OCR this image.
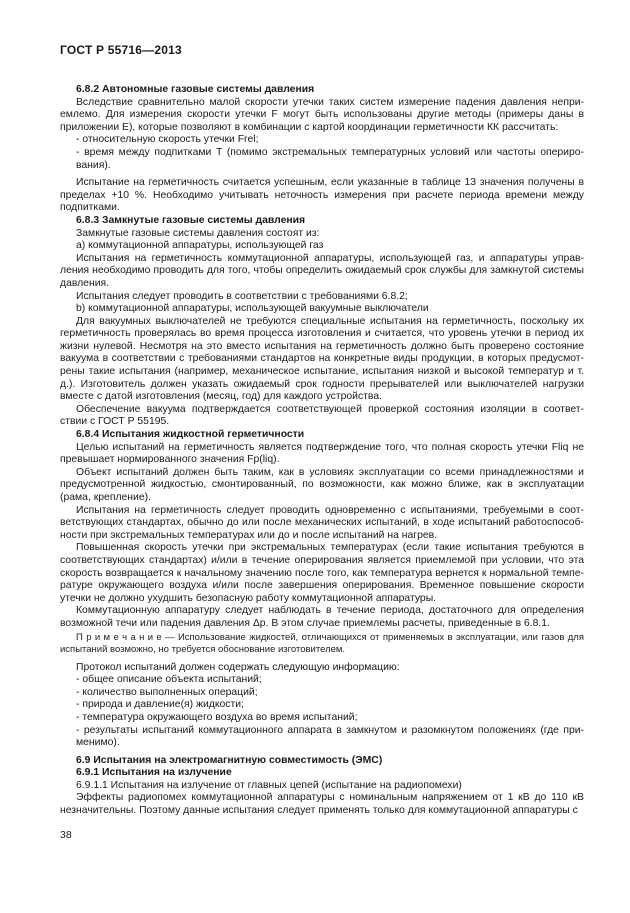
ГОСТ Р 55716—2013

6.8.2 Автономные газовые системы давления

Вследствие сравнительно малой скорости утечки таких систем измерение падения давления непри-емлемо. Для измерения скорости утечки F могут быть использованы другие методы (примеры даны в приложении Е), которые позволяют в комбинации с картой координации герметичности КК рассчитать:

- относительную скорость утечки Frel;

- время между подпитками T (помимо экстремальных температурных условий или частоты опериро-вания).

Испытание на герметичность считается успешным, если указанные в таблице 13 значения получены в пределах +10 %. Необходимо учитывать неточность измерения при расчете периода времени между подпитками.

6.8.3 Замкнутые газовые системы давления

Замкнутые газовые системы давления состоят из:

a) коммутационной аппаратуры, использующей газ

Испытания на герметичность коммутационной аппаратуры, использующей газ, и аппаратуры управ-ления необходимо проводить для того, чтобы определить ожидаемый срок службы для замкнутой системы давления.

Испытания следует проводить в соответствии с требованиями 6.8.2;

b) коммутационной аппаратуры, использующей вакуумные выключатели

Для вакуумных выключателей не требуются специальные испытания на герметичность, поскольку их герметичность проверялась во время процесса изготовления и считается, что уровень утечки в период их жизни нулевой. Несмотря на это вместо испытания на герметичность должно быть проверено состояние вакуума в соответствии с требованиями стандартов на конкретные виды продукции, в которых предусмот-рены такие испытания (например, механическое испытание, испытания низкой и высокой температур и т. д.). Изготовитель должен указать ожидаемый срок годности прерывателей или выключателей нагрузки вместе с датой изготовления (месяц, год) для каждого устройства.

Обеспечение вакуума подтверждается соответствующей проверкой состояния изоляции в соответ-ствии с ГОСТ Р 55195.

6.8.4 Испытания жидкостной герметичности

Целью испытаний на герметичность является подтверждение того, что полная скорость утечки Fliq не превышает нормированного значения Fp(liq).

Объект испытаний должен быть таким, как в условиях эксплуатации со всеми принадлежностями и предусмотренной жидкостью, смонтированный, по возможности, как можно ближе, как в эксплуатации (рама, крепление).

Испытания на герметичность следует проводить одновременно с испытаниями, требуемыми в соот-ветствующих стандартах, обычно до или после механических испытаний, в ходе испытаний работоспособ-ности при экстремальных температурах или до и после испытаний на нагрев.

Повышенная скорость утечки при экстремальных температурах (если такие испытания требуются в соответствующих стандартах) и/или в течение оперирования является приемлемой при условии, что эта скорость возвращается к начальному значению после того, как температура вернется к нормальной темпе-ратуре окружающего воздуха и/или после завершения оперирования. Временное повышение скорости утечки не должно ухудшить безопасную работу коммутационной аппаратуры.

Коммутационную аппаратуру следует наблюдать в течение периода, достаточного для определения возможной течи или падения давления Δp. В этом случае приемлемы расчеты, приведенные в 6.8.1.

П р и м е ч а н и е — Использование жидкостей, отличающихся от применяемых в эксплуатации, или газов для испытаний возможно, но требуется обоснование изготовителем.

Протокол испытаний должен содержать следующую информацию:

- общее описание объекта испытаний;

- количество выполненных операций;

- природа и давление(я) жидкости;

- температура окружающего воздуха во время испытаний;

- результаты испытаний коммутационного аппарата в замкнутом и разомкнутом положениях (где при-менимо).

6.9 Испытания на электромагнитную совместимость (ЭМС)

6.9.1 Испытания на излучение

6.9.1.1 Испытания на излучение от главных цепей (испытание на радиопомехи)

Эффекты радиопомех коммутационной аппаратуры с номинальным напряжением от 1 кВ до 110 кВ незначительны. Поэтому данные испытания следует применять только для коммутационной аппаратуры с

38
